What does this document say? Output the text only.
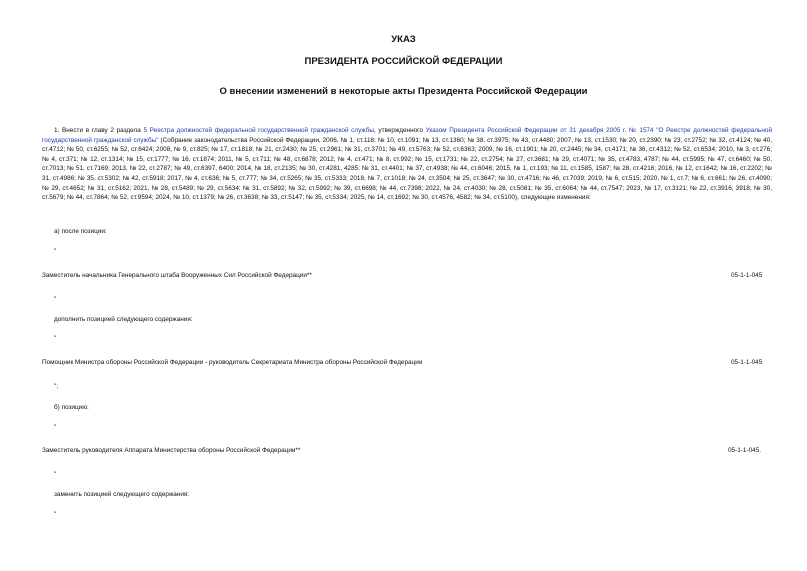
УКАЗ
ПРЕЗИДЕНТА РОССИЙСКОЙ ФЕДЕРАЦИИ
О внесении изменений в некоторые акты Президента Российской Федерации
1. Внести в главу 2 раздела 5 Реестра должностей федеральной государственной гражданской службы, утвержденного Указом Президента Российской Федерации от 31 декабря 2005 г. № 1574 "О Реестре должностей федеральной государственной гражданской службы" (Собрание законодательства Российской Федерации, 2006, № 1, ст.118; № 10, ст.1091; № 13, ст.1360; № 38, ст.3975; № 43, ст.4480; 2007, № 13, ст.1530; № 20, ст.2390; № 23, ст.2752; № 32, ст.4124; № 40, ст.4712; № 50, ст.6255; № 52, ст.6424; 2008, № 9, ст.825; № 17, ст.1818; № 21, ст.2430; № 25, ст.2961; № 31, ст.3701; № 49, ст.5763; № 52, ст.6363; 2009, № 16, ст.1901; № 20, ст.2445; № 34, ст.4171; № 36, ст.4312; № 52, ст.6534; 2010, № 3, ст.276; № 4, ст.371; № 12, ст.1314; № 15, ст.1777; № 16, ст.1874; 2011, № 5, ст.711; № 48, ст.6878; 2012, № 4, ст.471; № 8, ст.992; № 15, ст.1731; № 22, ст.2754; № 27, ст.3681; № 29, ст.4071; № 35, ст.4783, 4787; № 44, ст.5995; № 47, ст.6460; № 50, ст.7013; № 51, ст.7169; 2013, № 22, ст.2787; № 49, ст.6397, 6400; 2014, № 18, ст.2135; № 30, ст.4281, 4285; № 31, ст.4401; № 37, ст.4938; № 44, ст.6046; 2015, № 1, ст.193; № 11, ст.1585, 1587; № 28, ст.4216; 2016, № 12, ст.1642; № 16, ст.2202; № 31, ст.4986; № 35, ст.5302; № 42, ст.5918; 2017, № 4, ст.636; № 5, ст.777; № 34, ст.5265; № 35, ст.5333; 2018, № 7, ст.1018; № 24, ст.3504; № 25, ст.3647; № 30, ст.4716; № 46, ст.7039; 2019, № 6, ст.515; 2020, № 1, ст.7; № 6, ст.661; № 26, ст.4090; № 29, ст.4652; № 31, ст.5162; 2021, № 28, ст.5489; № 29, ст.5634; № 31, ст.5892; № 32, ст.5992; № 39, ст.6698; № 44, ст.7398; 2022, № 24, ст.4030; № 28, ст.5081; № 35, ст.6064; № 44, ст.7547; 2023, № 17, ст.3121; № 22, ст.3916, 3918; № 30, ст.5679; № 44, ст.7864; № 52, ст.9594; 2024, № 10, ст.1379; № 26, ст.3638; № 33, ст.5147; № 35, ст.5334; 2025, № 14, ст.1692; № 30, ст.4576, 4582; № 34, ст.5100), следующие изменения:
а) после позиции:
"
Заместитель начальника Генерального штаба Вооруженных Сил Российской Федерации**	05-1-1-045
"
дополнить позицией следующего содержания:
"
Помощник Министра обороны Российской Федерации - руководитель Секретариата Министра обороны Российской Федерации	05-1-1-045
";
б) позицию:
"
Заместитель руководителя Аппарата Министерства обороны Российской Федерации**	05-1-1-045.
"
заменить позицией следующего содержания:
"
